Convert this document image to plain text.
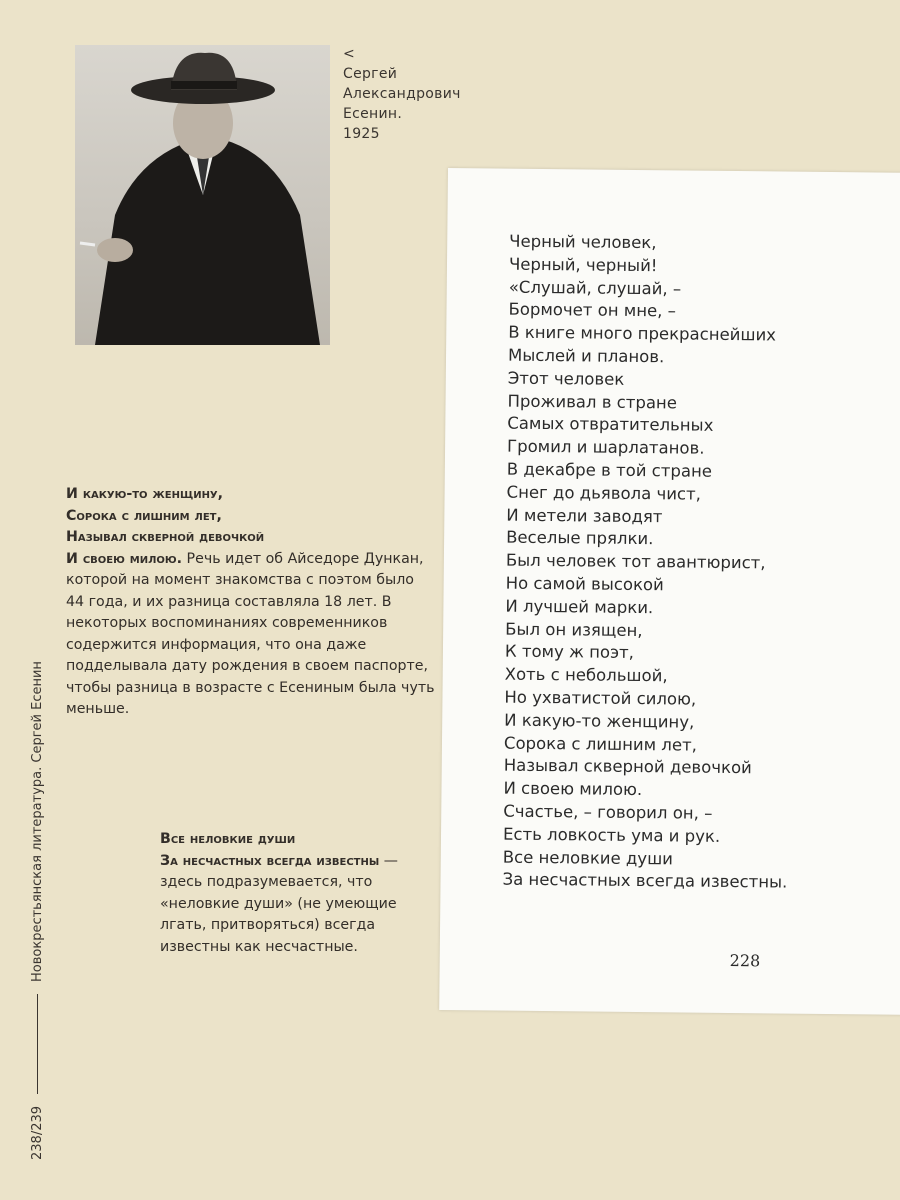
<
Сергей
Александрович
Есенин.
1925
И какую-то женщину,
Сорока с лишним лет,
Называл скверной девочкой
И своею милою. Речь идет об Айседоре Дункан, которой на момент знакомства с поэтом было 44 года, и их разница составляла 18 лет. В некоторых воспоминаниях современников содержится информация, что она даже подделывала дату рождения в своем паспорте, чтобы разница в возрасте с Есениным была чуть меньше.
Все неловкие души
За несчастных всегда известны — здесь подразумевается, что «неловкие души» (не умеющие лгать, притворяться) всегда известны как несчастные.
238/239
Новокрестьянская литература. Сергей Есенин
Черный человек,
Черный, черный!
«Слушай, слушай, –
Бормочет он мне, –
В книге много прекраснейших
Мыслей и планов.
Этот человек
Проживал в стране
Самых отвратительных
Громил и шарлатанов.
В декабре в той стране
Снег до дьявола чист,
И метели заводят
Веселые прялки.
Был человек тот авантюрист,
Но самой высокой
И лучшей марки.
Был он изящен,
К тому ж поэт,
Хоть с небольшой,
Но ухватистой силою,
И какую-то женщину,
Сорока с лишним лет,
Называл скверной девочкой
И своею милою.
Счастье, – говорил он, –
Есть ловкость ума и рук.
Все неловкие души
За несчастных всегда известны.
228
